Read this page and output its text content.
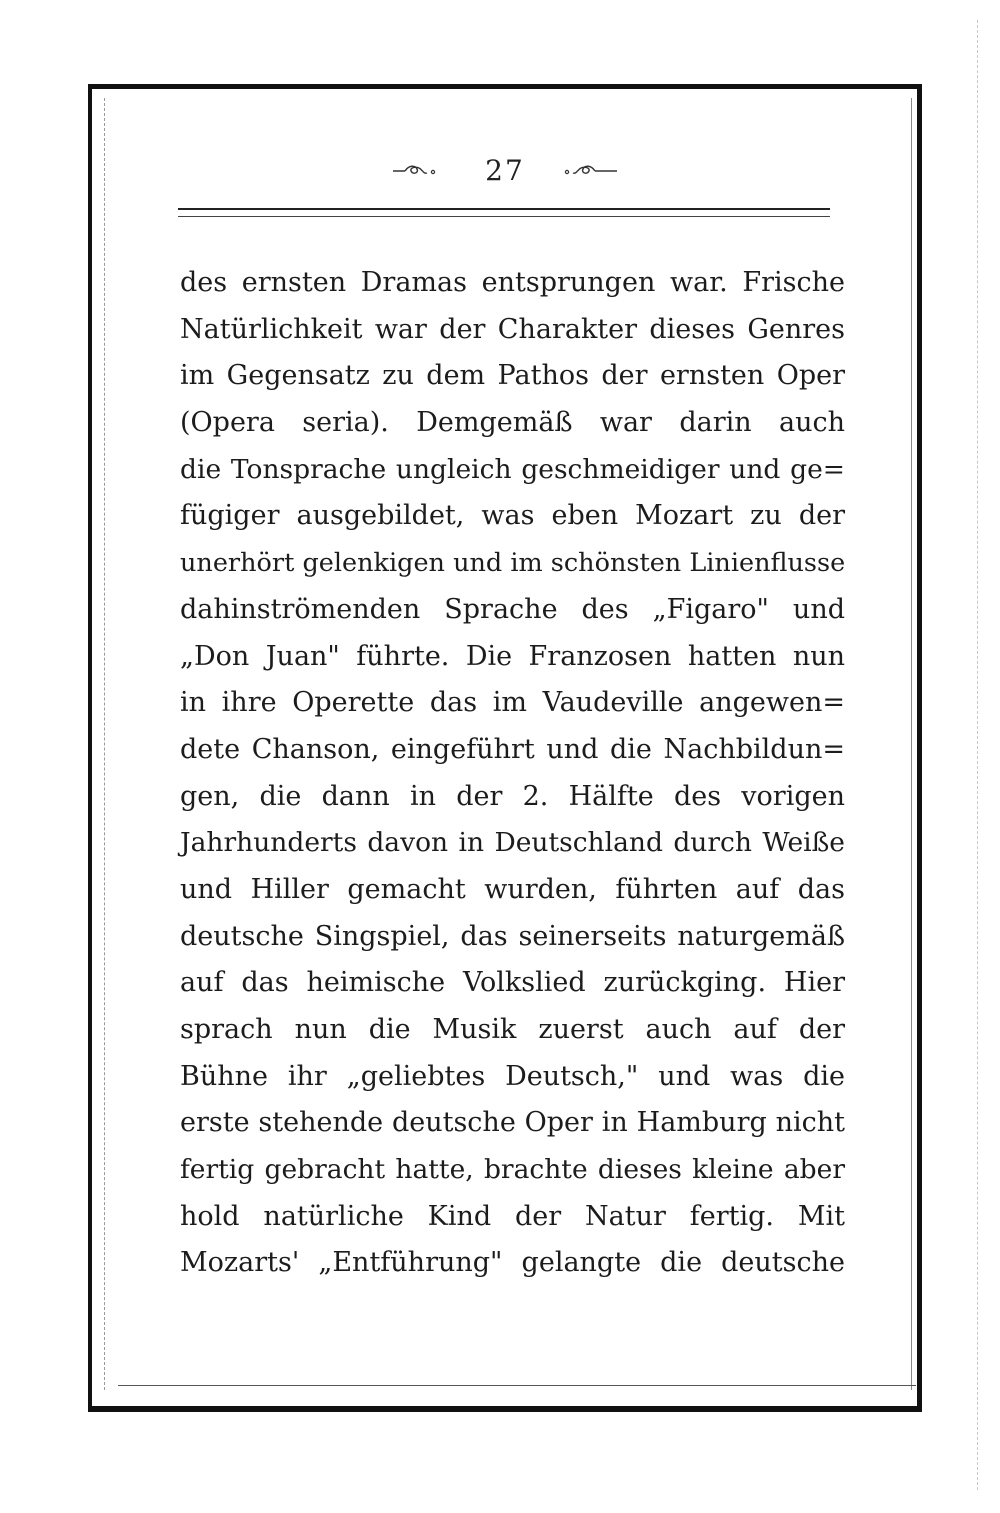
27
des ernsten Dramas entsprungen war. Frische
Natürlichkeit war der Charakter dieses Genres
im Gegensatz zu dem Pathos der ernsten Oper
(Opera seria). Demgemäß war darin auch
die Tonsprache ungleich geschmeidiger und ge=
fügiger ausgebildet, was eben Mozart zu der
unerhört gelenkigen und im schönsten Linienflusse
dahinströmenden Sprache des „Figaro" und
„Don Juan" führte. Die Franzosen hatten nun
in ihre Operette das im Vaudeville angewen=
dete Chanson, eingeführt und die Nachbildun=
gen, die dann in der 2. Hälfte des vorigen
Jahrhunderts davon in Deutschland durch Weiße
und Hiller gemacht wurden, führten auf das
deutsche Singspiel, das seinerseits naturgemäß
auf das heimische Volkslied zurückging. Hier
sprach nun die Musik zuerst auch auf der
Bühne ihr „geliebtes Deutsch," und was die
erste stehende deutsche Oper in Hamburg nicht
fertig gebracht hatte, brachte dieses kleine aber
hold natürliche Kind der Natur fertig. Mit
Mozarts' „Entführung" gelangte die deutsche
